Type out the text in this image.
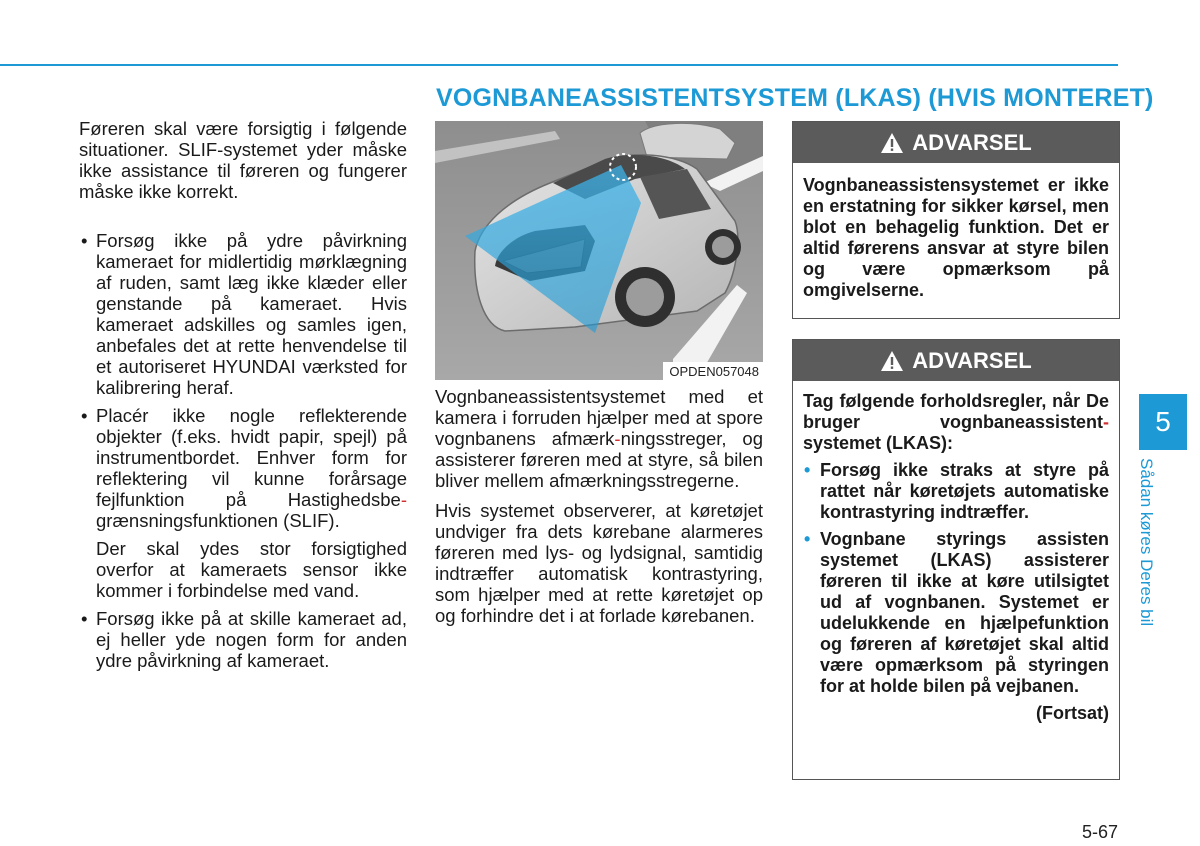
VOGNBANEASSISTENTSYSTEM (LKAS) (HVIS MONTERET)

Føreren skal være forsigtig i følgende situationer. SLIF-systemet yder måske ikke assistance til føreren og fungerer måske ikke korrekt.

• Forsøg ikke på ydre påvirkning kameraet for midlertidig mørklægning af ruden, samt læg ikke klæder eller genstande på kameraet. Hvis kameraet adskilles og samles igen, anbefales det at rette henvendelse til et autoriseret HYUNDAI værksted for kalibrering heraf.
• Placér ikke nogle reflekterende objekter (f.eks. hvidt papir, spejl) på instrumentbordet. Enhver form for reflektering vil kunne forårsage fejlfunktion på Hastighedsbe-grænsningsfunktionen (SLIF).

Der skal ydes stor forsigtighed overfor at kameraets sensor ikke kommer i forbindelse med vand.

• Forsøg ikke på at skille kameraet ad, ej heller yde nogen form for anden ydre påvirkning af kameraet.
OPDEN057048

Vognbaneassistentsystemet med et kamera i forruden hjælper med at spore vognbanens afmærk-ningsstreger, og assisterer føreren med at styre, så bilen bliver mellem afmærkningsstregerne.

Hvis systemet observerer, at køretøjet undviger fra dets kørebane alarmeres føreren med lys- og lydsignal, samtidig indtræffer automatisk kontrastyring, som hjælper med at rette køretøjet op og forhindre det i at forlade kørebanen.

ADVARSEL
Vognbaneassistensystemet er ikke en erstatning for sikker kørsel, men blot en behagelig funktion. Det er altid førerens ansvar at styre bilen og være opmærksom på omgivelserne.
ADVARSEL

Tag følgende forholdsregler, når De bruger vognbaneassistent-systemet (LKAS):

• Forsøg ikke straks at styre på rattet når køretøjets automatiske kontrastyring indtræffer.
• Vognbane styrings assisten systemet (LKAS) assisterer føreren til ikke at køre utilsigtet ud af vognbanen. Systemet er udelukkende en hjælpefunktion og føreren af køretøjet skal altid være opmærksom på styringen for at holde bilen på vejbanen.

(Fortsat)

5
Sådan køres Deres bil
5-67
